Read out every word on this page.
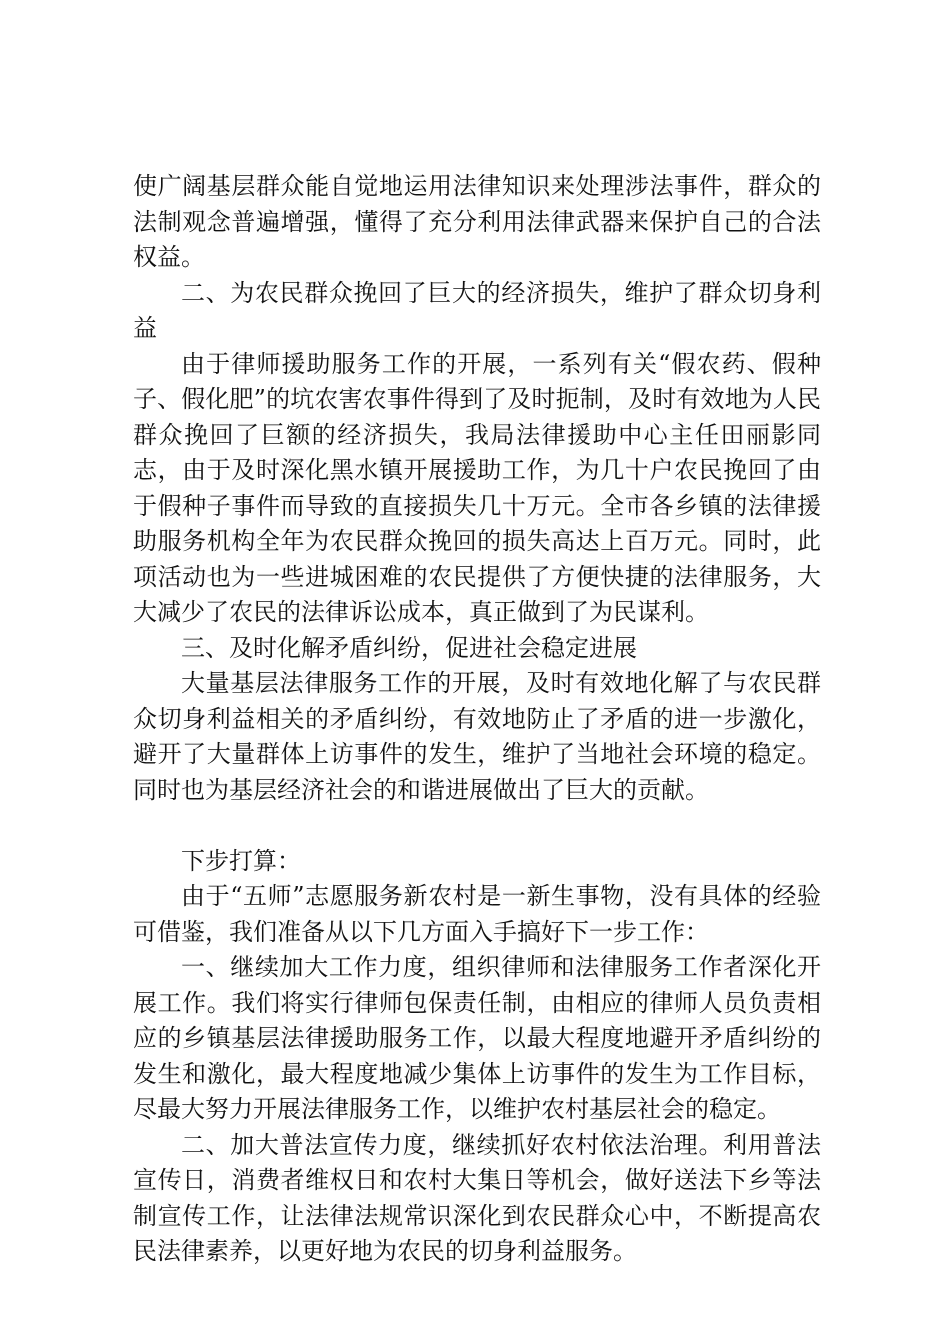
使广阔基层群众能自觉地运用法律知识来处理涉法事件，群众的法制观念普遍增强，懂得了充分利用法律武器来保护自己的合法权益。

二、为农民群众挽回了巨大的经济损失，维护了群众切身利益

由于律师援助服务工作的开展，一系列有关“假农药、假种子、假化肥”的坑农害农事件得到了及时扼制，及时有效地为人民群众挽回了巨额的经济损失，我局法律援助中心主任田丽影同志，由于及时深化黑水镇开展援助工作，为几十户农民挽回了由于假种子事件而导致的直接损失几十万元。全市各乡镇的法律援助服务机构全年为农民群众挽回的损失高达上百万元。同时，此项活动也为一些进城困难的农民提供了方便快捷的法律服务，大大减少了农民的法律诉讼成本，真正做到了为民谋利。

三、及时化解矛盾纠纷，促进社会稳定进展

大量基层法律服务工作的开展，及时有效地化解了与农民群众切身利益相关的矛盾纠纷，有效地防止了矛盾的进一步激化，避开了大量群体上访事件的发生，维护了当地社会环境的稳定。同时也为基层经济社会的和谐进展做出了巨大的贡献。

下步打算：

由于“五师”志愿服务新农村是一新生事物，没有具体的经验可借鉴，我们准备从以下几方面入手搞好下一步工作：

一、继续加大工作力度，组织律师和法律服务工作者深化开展工作。我们将实行律师包保责任制，由相应的律师人员负责相应的乡镇基层法律援助服务工作，以最大程度地避开矛盾纠纷的发生和激化，最大程度地减少集体上访事件的发生为工作目标，尽最大努力开展法律服务工作，以维护农村基层社会的稳定。

二、加大普法宣传力度，继续抓好农村依法治理。利用普法宣传日，消费者维权日和农村大集日等机会，做好送法下乡等法制宣传工作，让法律法规常识深化到农民群众心中，不断提高农民法律素养，以更好地为农民的切身利益服务。
